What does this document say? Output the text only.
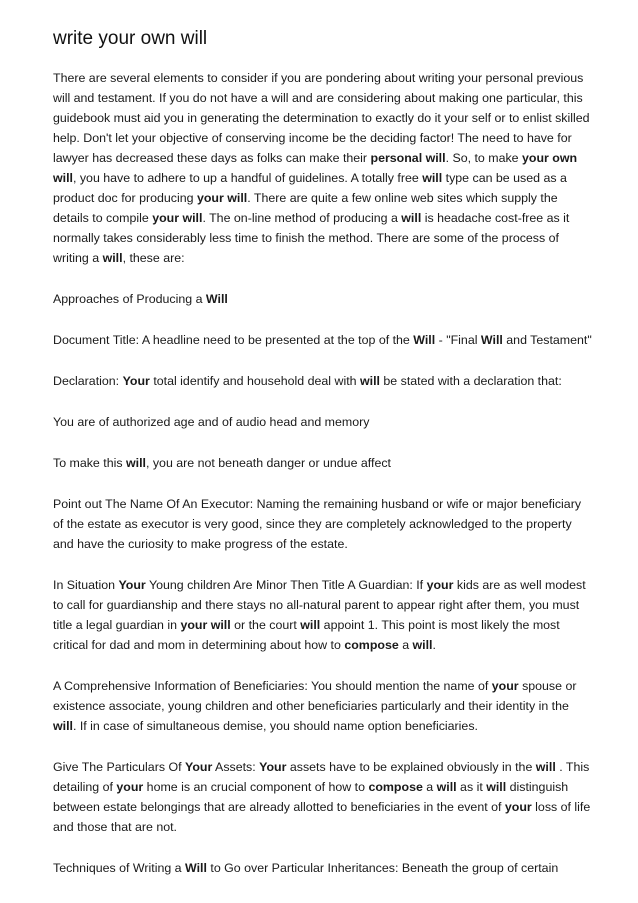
write your own will

There are several elements to consider if you are pondering about writing your personal previous will and testament. If you do not have a will and are considering about making one particular, this guidebook must aid you in generating the determination to exactly do it your self or to enlist skilled help. Don't let your objective of conserving income be the deciding factor! The need to have for lawyer has decreased these days as folks can make their personal will. So, to make your own will, you have to adhere to up a handful of guidelines. A totally free will type can be used as a product doc for producing your will. There are quite a few online web sites which supply the details to compile your will. The on-line method of producing a will is headache cost-free as it normally takes considerably less time to finish the method. There are some of the process of writing a will, these are:

Approaches of Producing a Will

Document Title: A headline need to be presented at the top of the Will - "Final Will and Testament"

Declaration: Your total identify and household deal with will be stated with a declaration that:

You are of authorized age and of audio head and memory

To make this will, you are not beneath danger or undue affect

Point out The Name Of An Executor: Naming the remaining husband or wife or major beneficiary of the estate as executor is very good, since they are completely acknowledged to the property and have the curiosity to make progress of the estate.

In Situation Your Young children Are Minor Then Title A Guardian: If your kids are as well modest to call for guardianship and there stays no all-natural parent to appear right after them, you must title a legal guardian in your will or the court will appoint 1. This point is most likely the most critical for dad and mom in determining about how to compose a will.

A Comprehensive Information of Beneficiaries: You should mention the name of your spouse or existence associate, young children and other beneficiaries particularly and their identity in the will. If in case of simultaneous demise, you should name option beneficiaries.

Give The Particulars Of Your Assets: Your assets have to be explained obviously in the will . This detailing of your home is an crucial component of how to compose a will as it will distinguish between estate belongings that are already allotted to beneficiaries in the event of your loss of life and those that are not.

Techniques of Writing a Will to Go over Particular Inheritances: Beneath the group of certain
